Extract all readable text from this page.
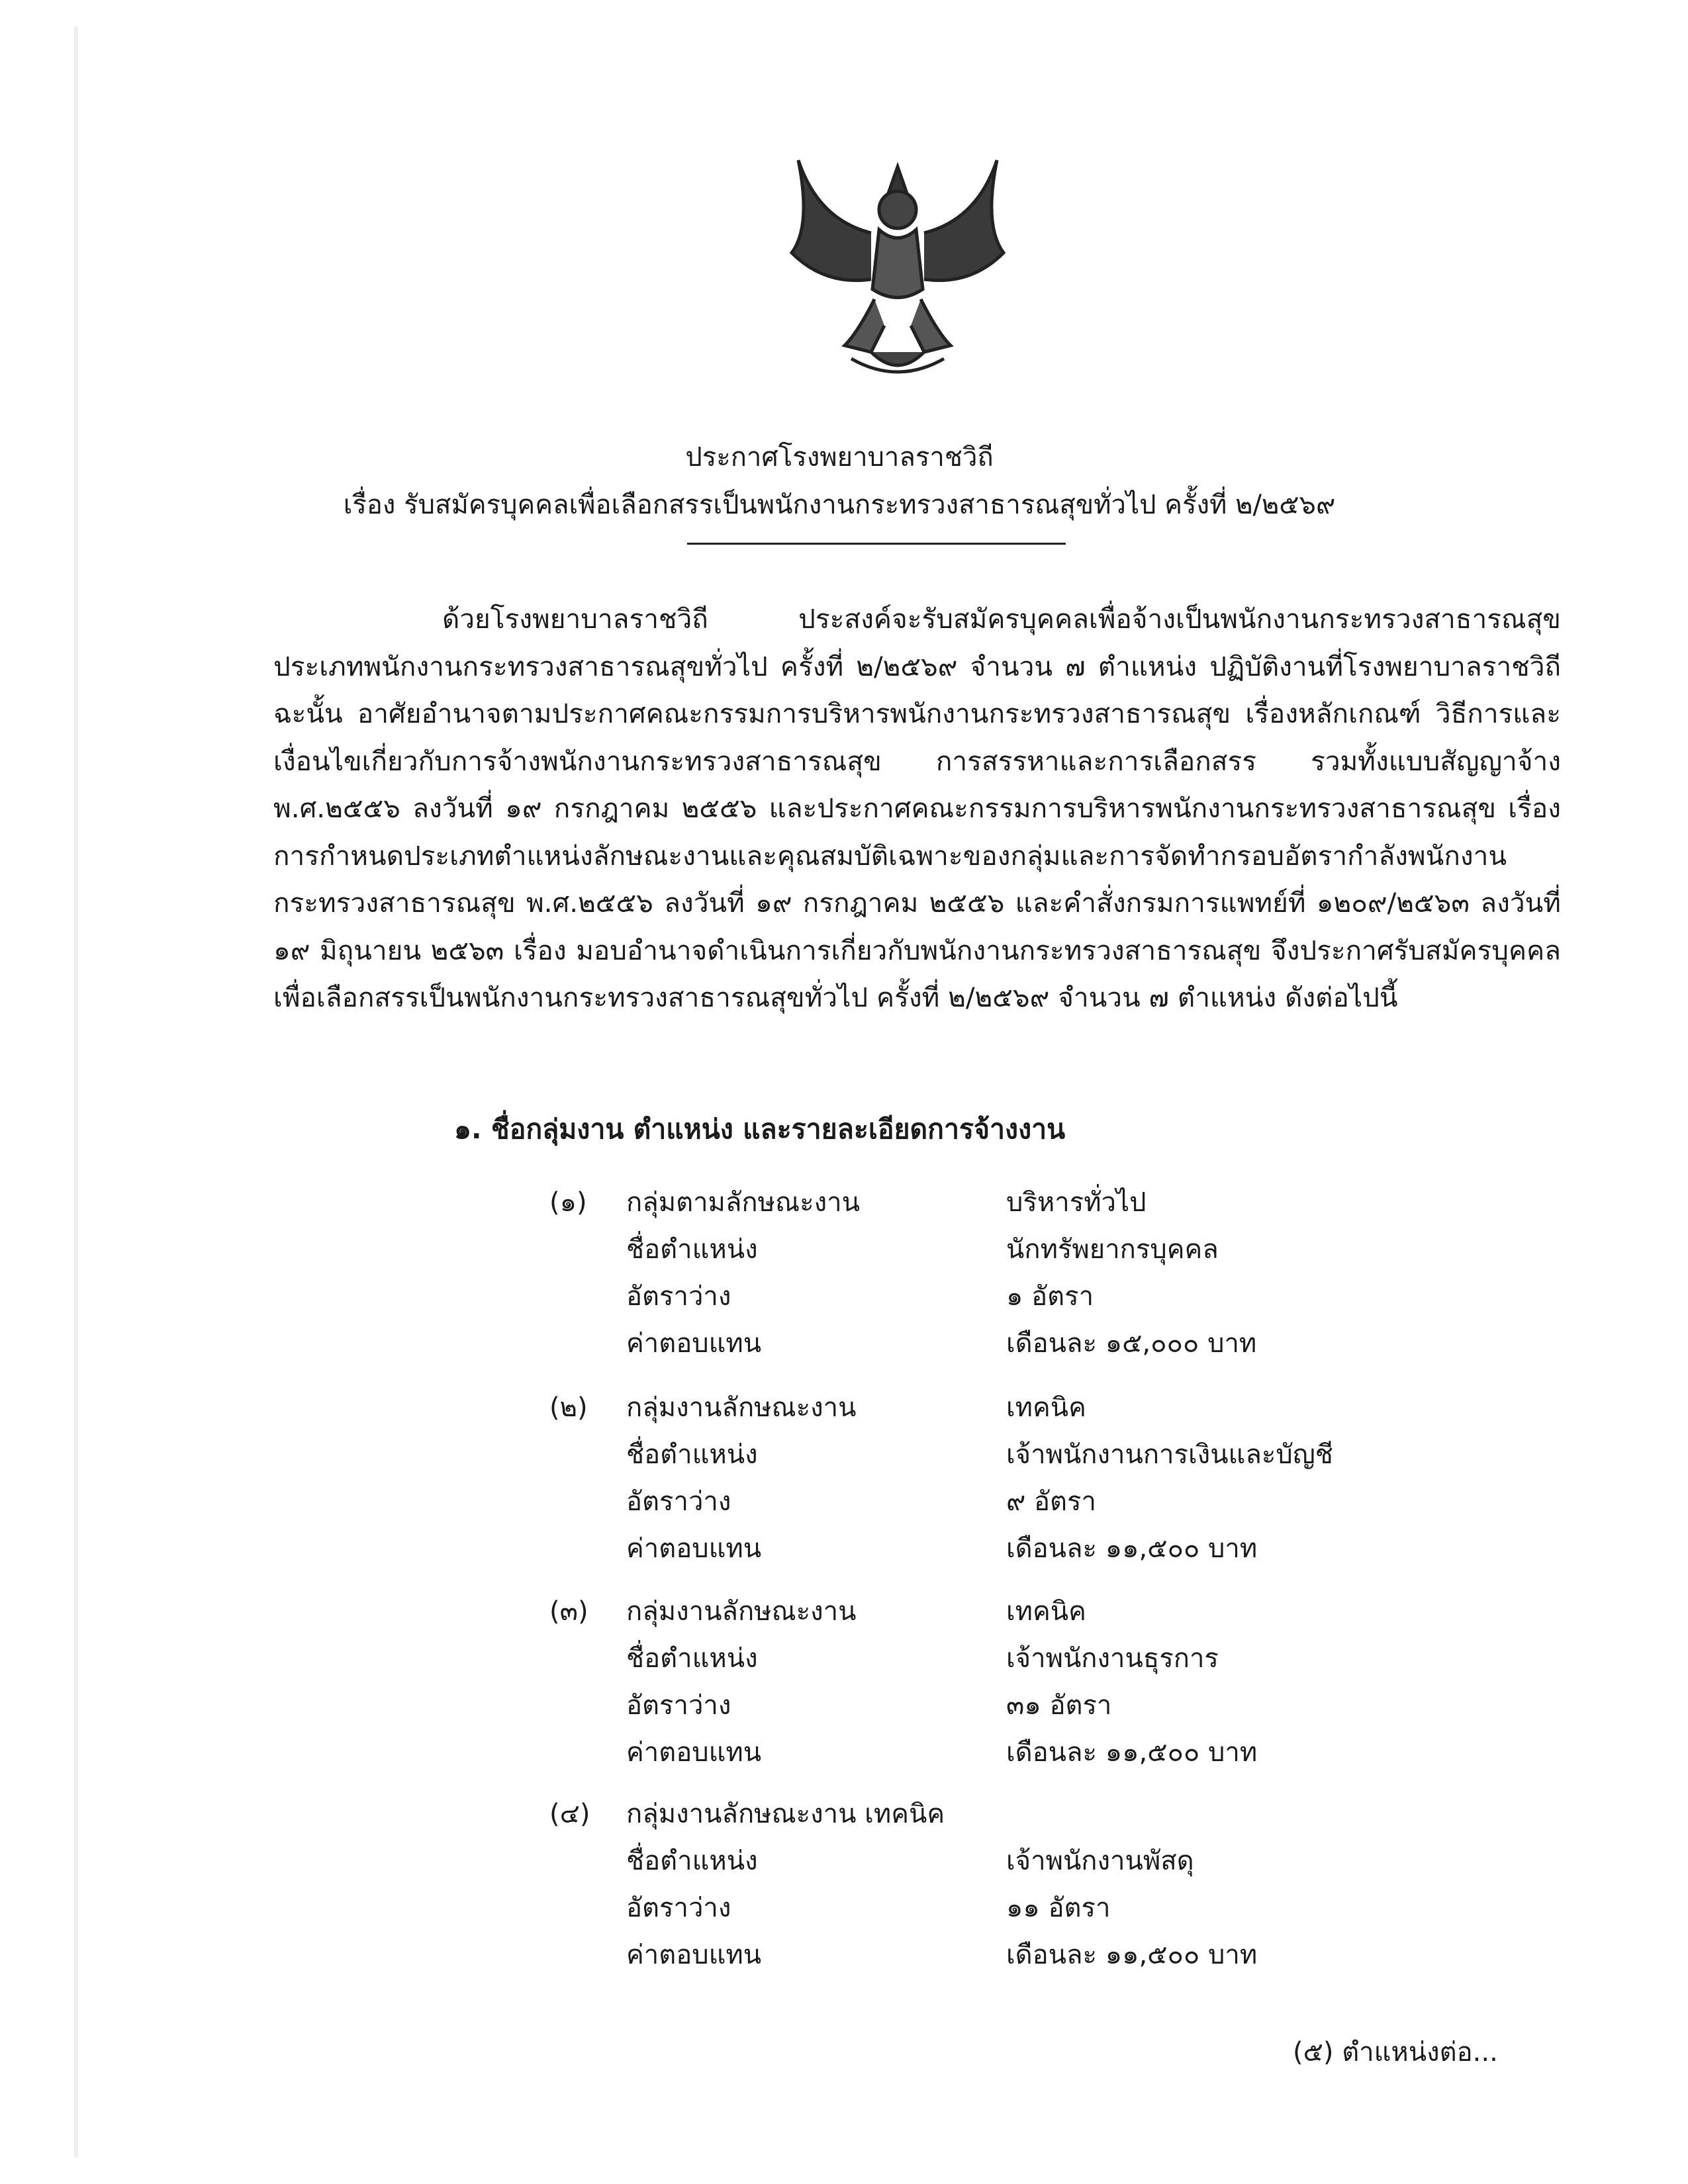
ประกาศโรงพยาบาลราชวิถี
เรื่อง รับสมัครบุคคลเพื่อเลือกสรรเป็นพนักงานกระทรวงสาธารณสุขทั่วไป ครั้งที่ ๒/๒๕๖๙

ด้วยโรงพยาบาลราชวิถี ประสงค์จะรับสมัครบุคคลเพื่อจ้างเป็นพนักงานกระทรวงสาธารณสุข ประเภทพนักงานกระทรวงสาธารณสุขทั่วไป ครั้งที่ ๒/๒๕๖๙ จำนวน ๗ ตำแหน่ง ปฏิบัติงานที่โรงพยาบาลราชวิถี ฉะนั้น อาศัยอำนาจตามประกาศคณะกรรมการบริหารพนักงานกระทรวงสาธารณสุข เรื่องหลักเกณฑ์ วิธีการและเงื่อนไขเกี่ยวกับการจ้างพนักงานกระทรวงสาธารณสุข การสรรหาและการเลือกสรร รวมทั้งแบบสัญญาจ้าง พ.ศ.๒๕๕๖ ลงวันที่ ๑๙ กรกฎาคม ๒๕๕๖ และประกาศคณะกรรมการบริหารพนักงานกระทรวงสาธารณสุข เรื่อง การกำหนดประเภทตำแหน่งลักษณะงานและคุณสมบัติเฉพาะของกลุ่มและการจัดทำกรอบอัตรากำลังพนักงานกระทรวงสาธารณสุข พ.ศ.๒๕๕๖ ลงวันที่ ๑๙ กรกฎาคม ๒๕๕๖ และคำสั่งกรมการแพทย์ที่ ๑๒๐๙/๒๕๖๓ ลงวันที่ ๑๙ มิถุนายน ๒๕๖๓ เรื่อง มอบอำนาจดำเนินการเกี่ยวกับพนักงานกระทรวงสาธารณสุข จึงประกาศรับสมัครบุคคลเพื่อเลือกสรรเป็นพนักงานกระทรวงสาธารณสุขทั่วไป ครั้งที่ ๒/๒๕๖๙ จำนวน ๗ ตำแหน่ง ดังต่อไปนี้

๑. ชื่อกลุ่มงาน ตำแหน่ง และรายละเอียดการจ้างงาน
(๑)	กลุ่มตามลักษณะงาน	บริหารทั่วไป
ชื่อตำแหน่ง	นักทรัพยากรบุคคล
อัตราว่าง	๑ อัตรา
ค่าตอบแทน	เดือนละ ๑๕,๐๐๐ บาท
(๒)	กลุ่มงานลักษณะงาน	เทคนิค
ชื่อตำแหน่ง	เจ้าพนักงานการเงินและบัญชี
อัตราว่าง	๙ อัตรา
ค่าตอบแทน	เดือนละ ๑๑,๕๐๐ บาท
(๓)	กลุ่มงานลักษณะงาน	เทคนิค
ชื่อตำแหน่ง	เจ้าพนักงานธุรการ
อัตราว่าง	๓๑ อัตรา
ค่าตอบแทน	เดือนละ ๑๑,๕๐๐ บาท
(๔)	กลุ่มงานลักษณะงาน เทคนิค
ชื่อตำแหน่ง	เจ้าพนักงานพัสดุ
อัตราว่าง	๑๑ อัตรา
ค่าตอบแทน	เดือนละ ๑๑,๕๐๐ บาท
(๕) ตำแหน่งต่อ...
